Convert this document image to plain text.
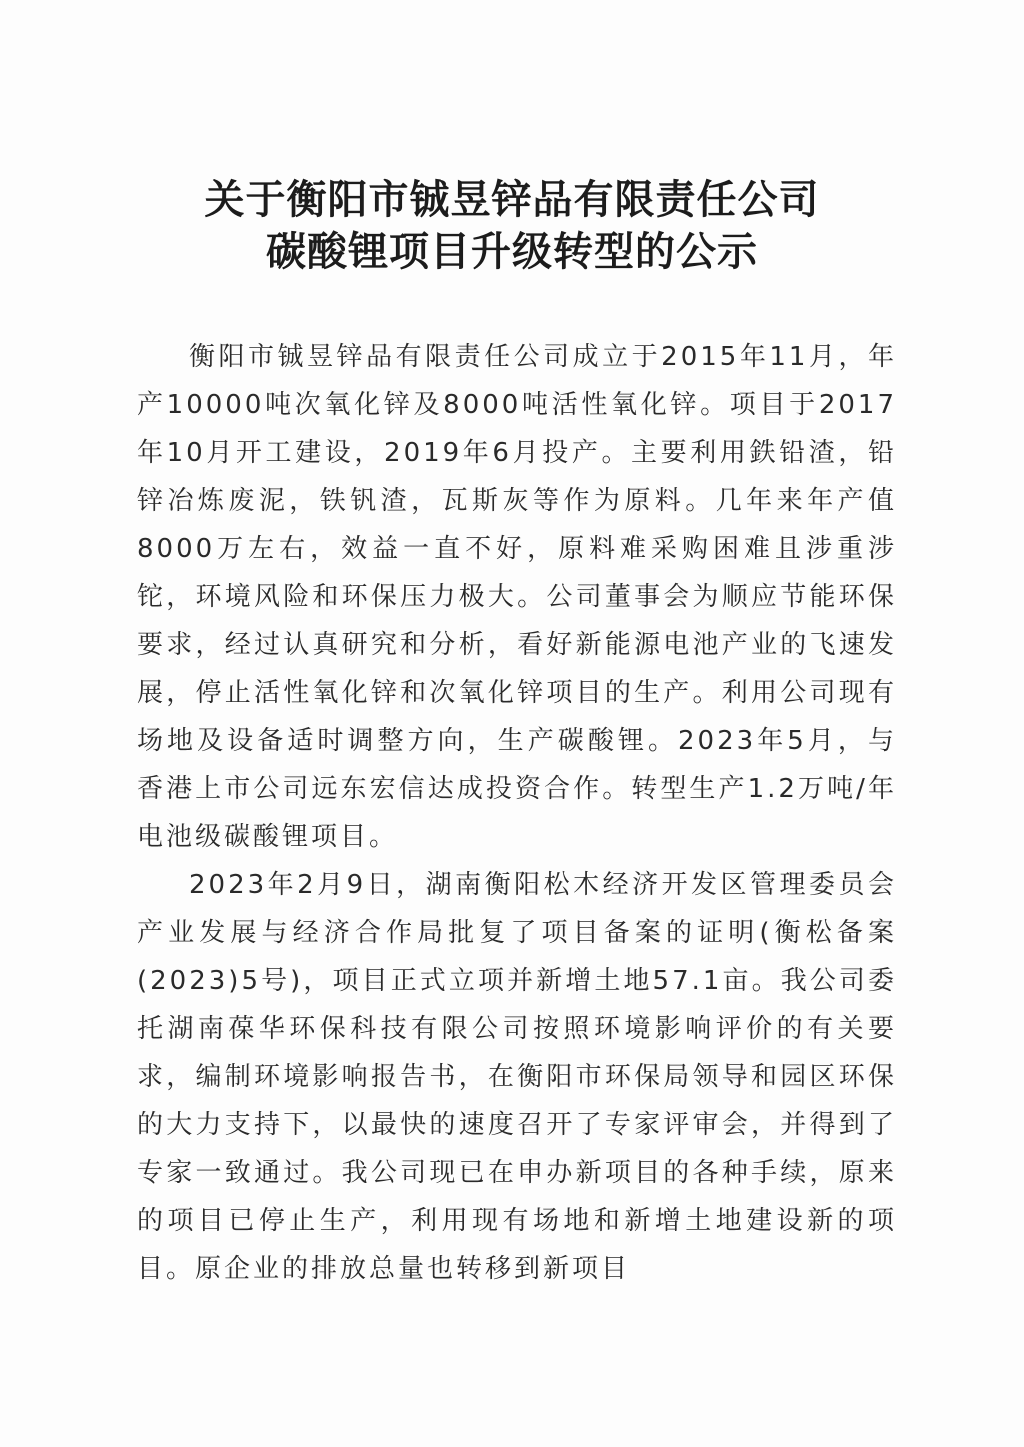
关于衡阳市铖昱锌品有限责任公司
碳酸锂项目升级转型的公示

衡阳市铖昱锌品有限责任公司成立于2015年11月，年产10000吨次氧化锌及8000吨活性氧化锌。项目于2017年10月开工建设，2019年6月投产。主要利用鉄铅渣，铅锌冶炼废泥，铁钒渣，瓦斯灰等作为原料。几年来年产值8000万左右，效益一直不好，原料难采购困难且涉重涉铊，环境风险和环保压力极大。公司董事会为顺应节能环保要求，经过认真研究和分析，看好新能源电池产业的飞速发展，停止活性氧化锌和次氧化锌项目的生产。利用公司现有场地及设备适时调整方向，生产碳酸锂。2023年5月，与香港上市公司远东宏信达成投资合作。转型生产1.2万吨/年电池级碳酸锂项目。

2023年2月9日，湖南衡阳松木经济开发区管理委员会产业发展与经济合作局批复了项目备案的证明(衡松备案(2023)5号)，项目正式立项并新增土地57.1亩。我公司委托湖南葆华环保科技有限公司按照环境影响评价的有关要求，编制环境影响报告书，在衡阳市环保局领导和园区环保的大力支持下，以最快的速度召开了专家评审会，并得到了专家一致通过。我公司现已在申办新项目的各种手续，原来的项目已停止生产，利用现有场地和新增土地建设新的项目。原企业的排放总量也转移到新项目
